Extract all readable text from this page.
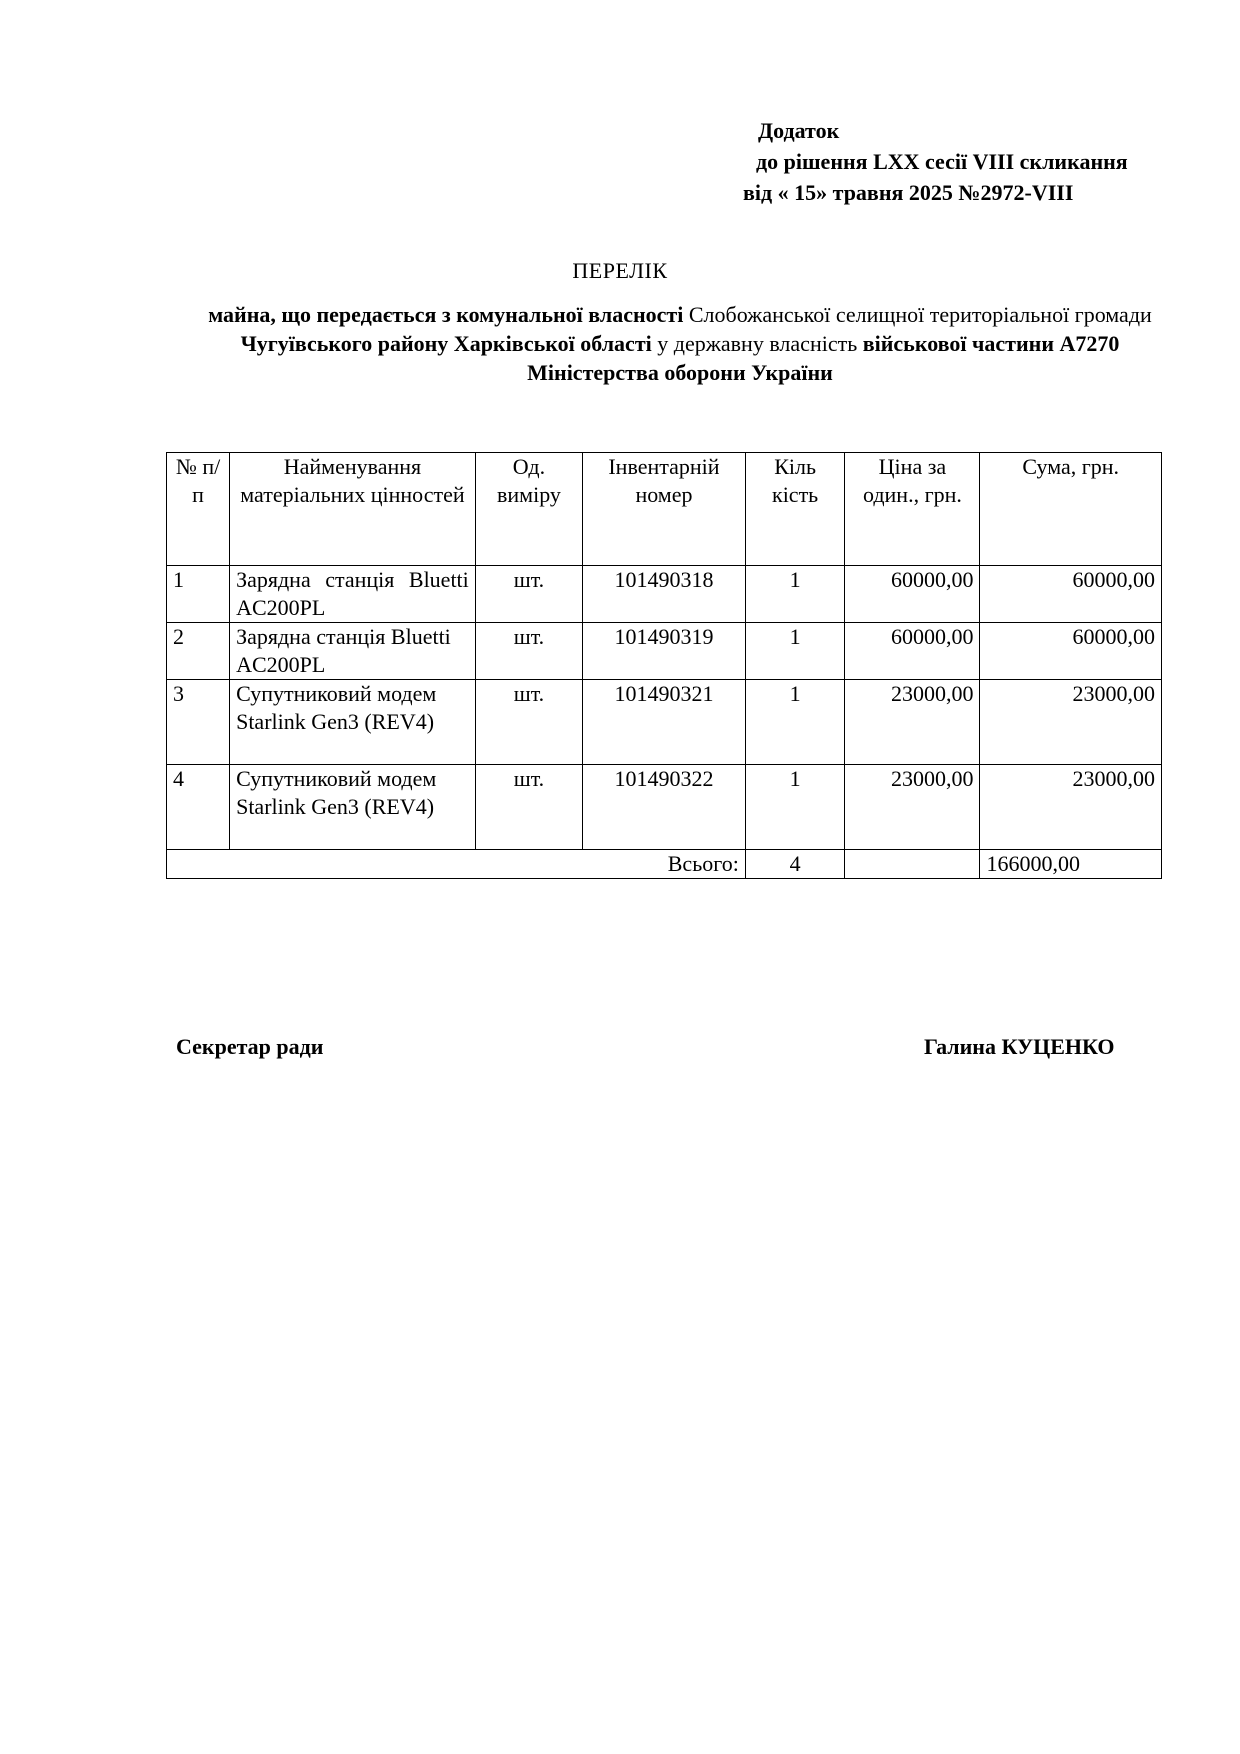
Додаток
до рішення LXX сесії VIII скликання
від « 15» травня 2025 №2972-VIII
ПЕРЕЛІК
майна, що передається з комунальної власності Слобожанської селищної територіальної громади Чугуївського району Харківської області у державну власність військової частини А7270 Міністерства оборони України
№ п/п	Найменування матеріальних цінностей	Од. виміру	Інвентарній номер	Кіль кість	Ціна за один., грн.	Сума, грн.
1	Зарядна станція Bluetti AC200PL	шт.	101490318	1	60000,00	60000,00
2	Зарядна станція Bluetti AC200PL	шт.	101490319	1	60000,00	60000,00
3	Супутниковий модем Starlink Gen3 (REV4)	шт.	101490321	1	23000,00	23000,00
4	Супутниковий модем Starlink Gen3 (REV4)	шт.	101490322	1	23000,00	23000,00
Всього:				4		166000,00
Секретар ради	Галина КУЦЕНКО
